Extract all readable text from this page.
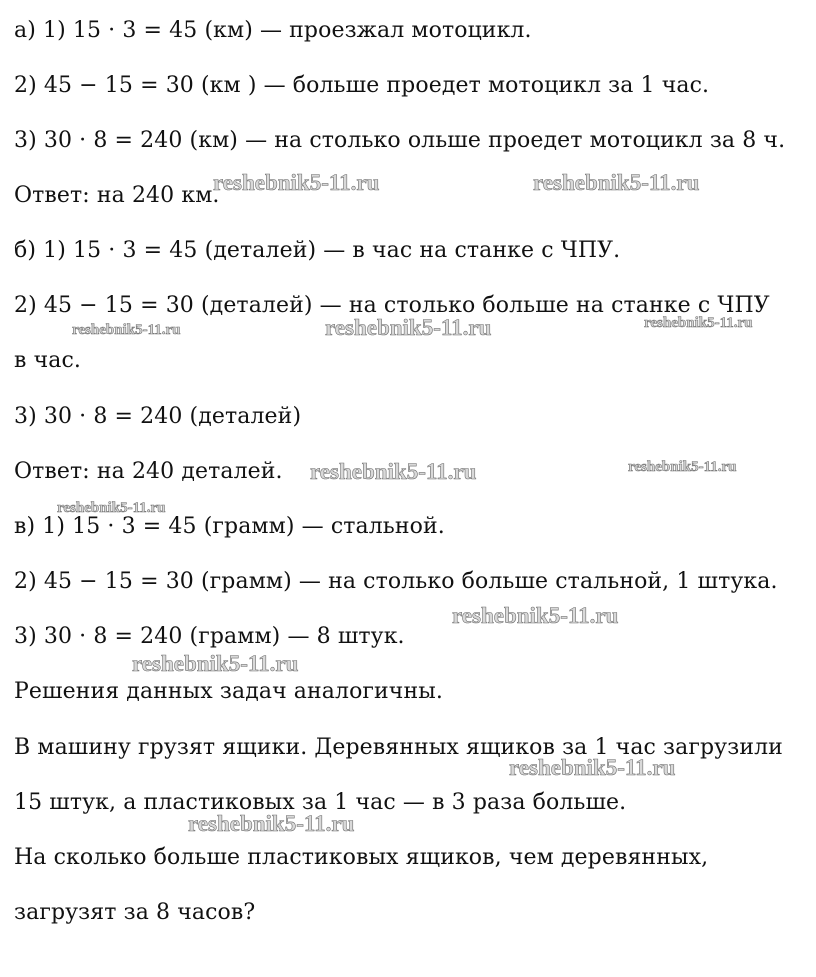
а) 1) 15 · 3 = 45 (км) — проезжал мотоцикл.
2) 45 − 15 = 30 (км ) — больше проедет мотоцикл за 1 час.
3) 30 · 8 = 240 (км) — на столько ольше проедет мотоцикл за 8 ч.
Ответ: на 240 км.
б) 1) 15 · 3 = 45 (деталей) — в час на станке с ЧПУ.
2) 45 − 15 = 30 (деталей) — на столько больше на станке с ЧПУ
в час.
3) 30 · 8 = 240 (деталей)
Ответ: на 240 деталей.
в) 1) 15 · 3 = 45 (грамм) — стальной.
2) 45 − 15 = 30 (грамм) — на столько больше стальной, 1 штука.
3) 30 · 8 = 240 (грамм) — 8 штук.
Решения данных задач аналогичны.
В машину грузят ящики. Деревянных ящиков за 1 час загрузили
15 штук, а пластиковых за 1 час — в 3 раза больше.
На сколько больше пластиковых ящиков, чем деревянных,
загрузят за 8 часов?
reshebnik5-11.ru	reshebnik5-11.ru
reshebnik5-11.ru	reshebnik5-11.ru	reshebnik5-11.ru
reshebnik5-11.ru	reshebnik5-11.ru
reshebnik5-11.ru
reshebnik5-11.ru
reshebnik5-11.ru
reshebnik5-11.ru
reshebnik5-11.ru
